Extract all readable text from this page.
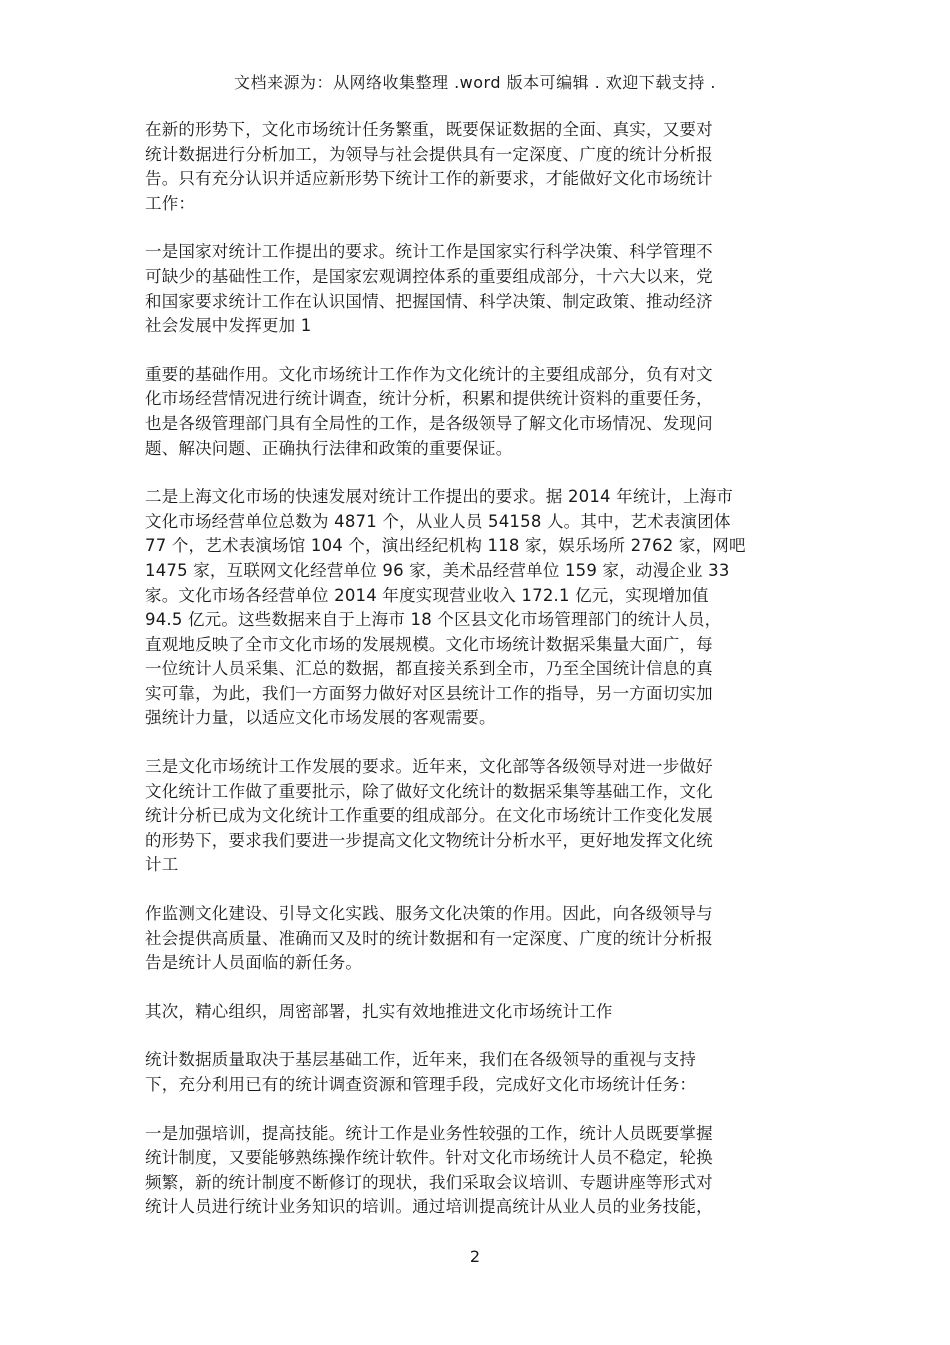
文档来源为：从网络收集整理 .word 版本可编辑 . 欢迎下载支持 .

在新的形势下，文化市场统计任务繁重，既要保证数据的全面、真实，又要对
统计数据进行分析加工，为领导与社会提供具有一定深度、广度的统计分析报
告。只有充分认识并适应新形势下统计工作的新要求，才能做好文化市场统计
工作：

一是国家对统计工作提出的要求。统计工作是国家实行科学决策、科学管理不
可缺少的基础性工作，是国家宏观调控体系的重要组成部分，十六大以来，党
和国家要求统计工作在认识国情、把握国情、科学决策、制定政策、推动经济
社会发展中发挥更加 1

重要的基础作用。文化市场统计工作作为文化统计的主要组成部分，负有对文
化市场经营情况进行统计调查，统计分析，积累和提供统计资料的重要任务，
也是各级管理部门具有全局性的工作，是各级领导了解文化市场情况、发现问
题、解决问题、正确执行法律和政策的重要保证。

二是上海文化市场的快速发展对统计工作提出的要求。据 2014 年统计，上海市
文化市场经营单位总数为 4871 个，从业人员 54158 人。其中，艺术表演团体
77 个，艺术表演场馆 104 个，演出经纪机构 118 家，娱乐场所 2762 家，网吧
1475 家，互联网文化经营单位 96 家，美术品经营单位 159 家，动漫企业 33
家。文化市场各经营单位 2014 年度实现营业收入 172.1 亿元，实现增加值
94.5 亿元。这些数据来自于上海市 18 个区县文化市场管理部门的统计人员，
直观地反映了全市文化市场的发展规模。文化市场统计数据采集量大面广，每
一位统计人员采集、汇总的数据，都直接关系到全市，乃至全国统计信息的真
实可靠，为此，我们一方面努力做好对区县统计工作的指导，另一方面切实加
强统计力量，以适应文化市场发展的客观需要。

三是文化市场统计工作发展的要求。近年来，文化部等各级领导对进一步做好
文化统计工作做了重要批示，除了做好文化统计的数据采集等基础工作，文化
统计分析已成为文化统计工作重要的组成部分。在文化市场统计工作变化发展
的形势下，要求我们要进一步提高文化文物统计分析水平，更好地发挥文化统
计工

作监测文化建设、引导文化实践、服务文化决策的作用。因此，向各级领导与
社会提供高质量、准确而又及时的统计数据和有一定深度、广度的统计分析报
告是统计人员面临的新任务。

其次，精心组织，周密部署，扎实有效地推进文化市场统计工作

统计数据质量取决于基层基础工作，近年来，我们在各级领导的重视与支持
下，充分利用已有的统计调查资源和管理手段，完成好文化市场统计任务：

一是加强培训，提高技能。统计工作是业务性较强的工作，统计人员既要掌握
统计制度，又要能够熟练操作统计软件。针对文化市场统计人员不稳定，轮换
频繁，新的统计制度不断修订的现状，我们采取会议培训、专题讲座等形式对
统计人员进行统计业务知识的培训。通过培训提高统计从业人员的业务技能，

2
